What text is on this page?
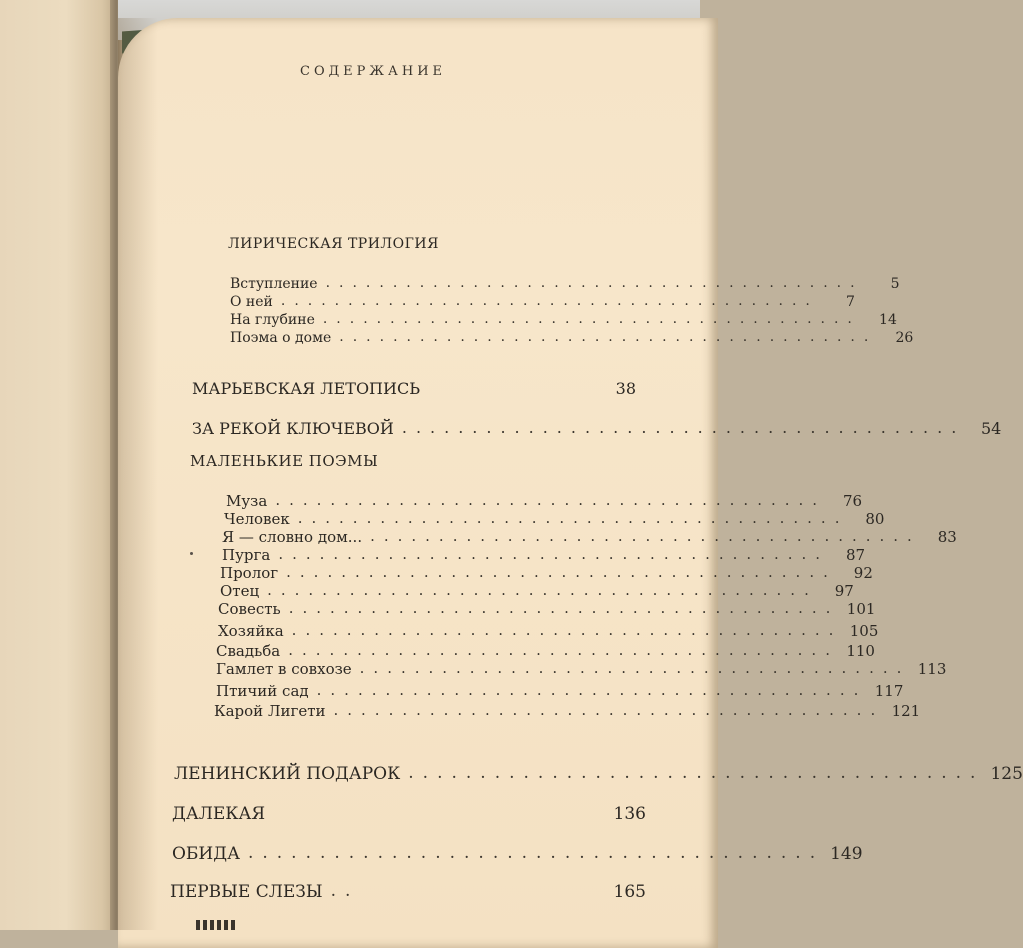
СОДЕРЖАНИЕ
ЛИРИЧЕСКАЯ ТРИЛОГИЯ
Вступление ........................................	5
О ней ........................................	7
На глубине ........................................	14
Поэма о доме ........................................	26
МАРЬЕВСКАЯ ЛЕТОПИСЬ	38
ЗА РЕКОЙ КЛЮЧЕВОЙ ........................................ 54
МАЛЕНЬКИЕ ПОЭМЫ
Муза ........................................	76
Человек ........................................	80
Я — словно дом... ........................................	83
Пурга ........................................	87
Пролог ........................................	92
Отец ........................................	97
Совесть ........................................ 101
Хозяйка ........................................ 105
Свадьба ........................................ 110
Гамлет в совхозе ........................................ 113
Птичий сад ........................................ 117
Карой Лигети ........................................ 121
ЛЕНИНСКИЙ ПОДАРОК ........................................ 125
ДАЛЕКАЯ	136
ОБИДА ........................................ 149
ПЕРВЫЕ СЛЕЗЫ ..	165
